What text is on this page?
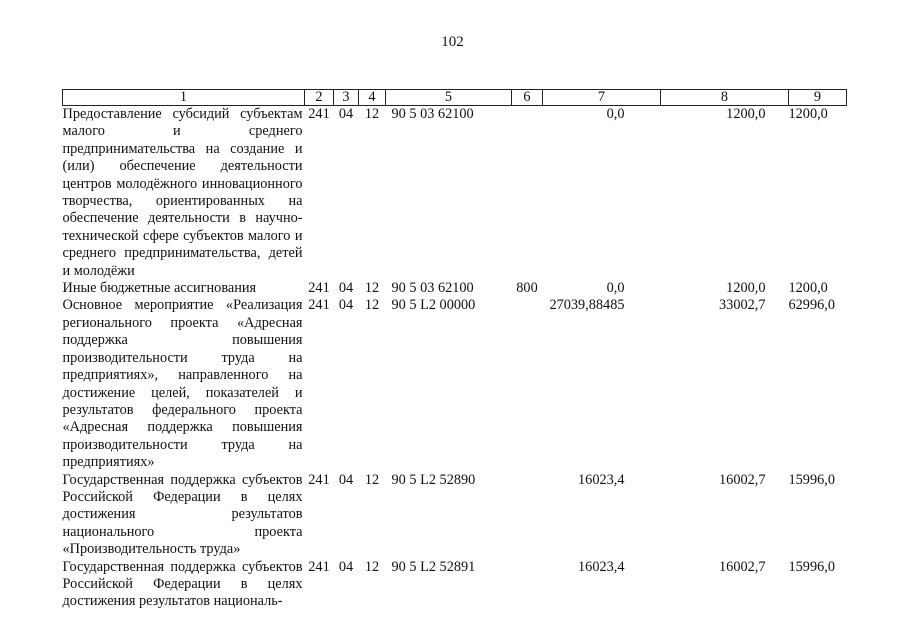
102
1	2	3	4	5	6	7	8	9
Предоставление субсидий субъектам малого и среднего предпринимательства на создание и (или) обеспечение деятельности центров молодёжного инновационного творчества, ориентированных на обеспечение деятельности в научно-технической сфере субъектов малого и среднего предпринимательства, детей и молодёжи	241	04	12	90 5 03 62100		0,0	1200,0	1200,0
Иные бюджетные ассигнования	241	04	12	90 5 03 62100	800	0,0	1200,0	1200,0
Основное мероприятие «Реализация регионального проекта «Адресная поддержка повышения производительности труда на предприятиях», направленного на достижение целей, показателей и результатов федерального проекта «Адресная поддержка повышения производительности труда на предприятиях»	241	04	12	90 5 L2 00000		27039,88485	33002,7	62996,0
Государственная поддержка субъектов Российской Федерации в целях достижения результатов национального проекта «Производительность труда»	241	04	12	90 5 L2 52890		16023,4	16002,7	15996,0
Государственная поддержка субъектов Российской Федерации в целях достижения результатов националь-	241	04	12	90 5 L2 52891		16023,4	16002,7	15996,0
